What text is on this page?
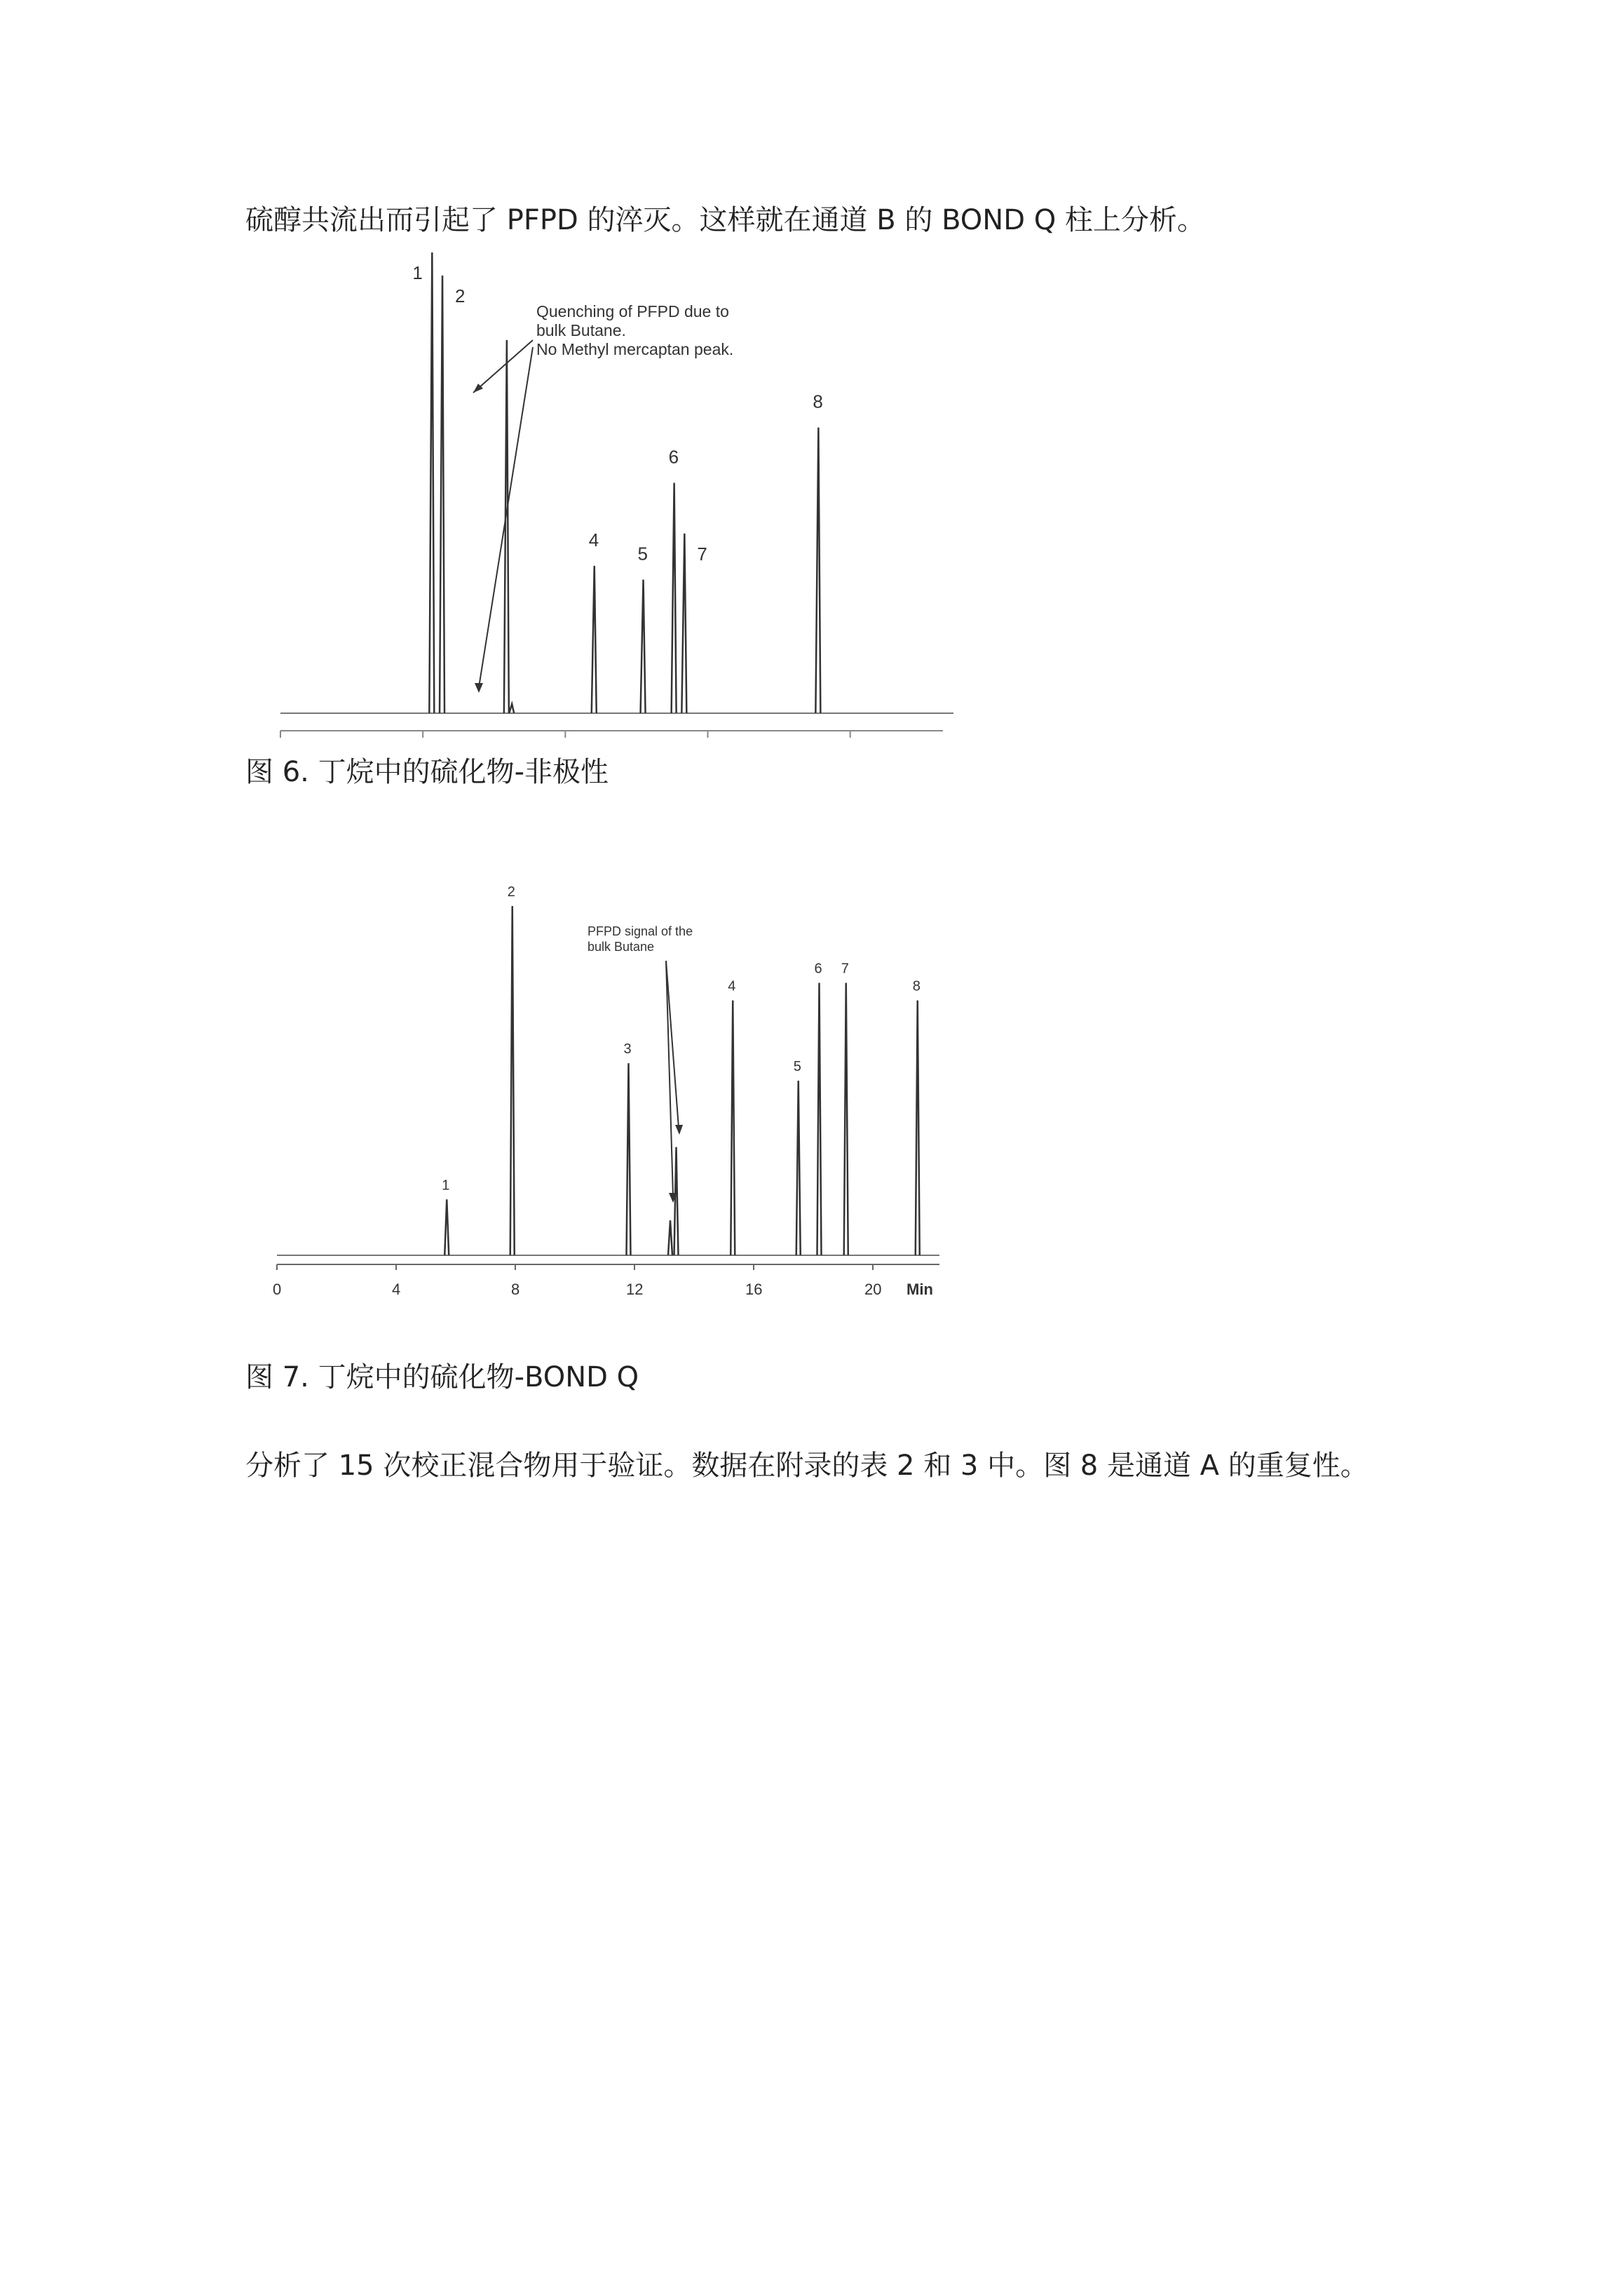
硫醇共流出而引起了 PFPD 的淬灭。这样就在通道 B 的 BOND Q 柱上分析。

1
2
4
5
6
7
8
Quenching of PFPD due to
bulk Butane.
No Methyl mercaptan peak.

图 6. 丁烷中的硫化物-非极性

0	4	8	12	16	20
1
2
3
4
5
6 7
8
Min
PFPD signal of the
bulk Butane

图 7. 丁烷中的硫化物-BOND Q

分析了 15 次校正混合物用于验证。数据在附录的表 2 和 3 中。图 8 是通道 A 的重复性。
